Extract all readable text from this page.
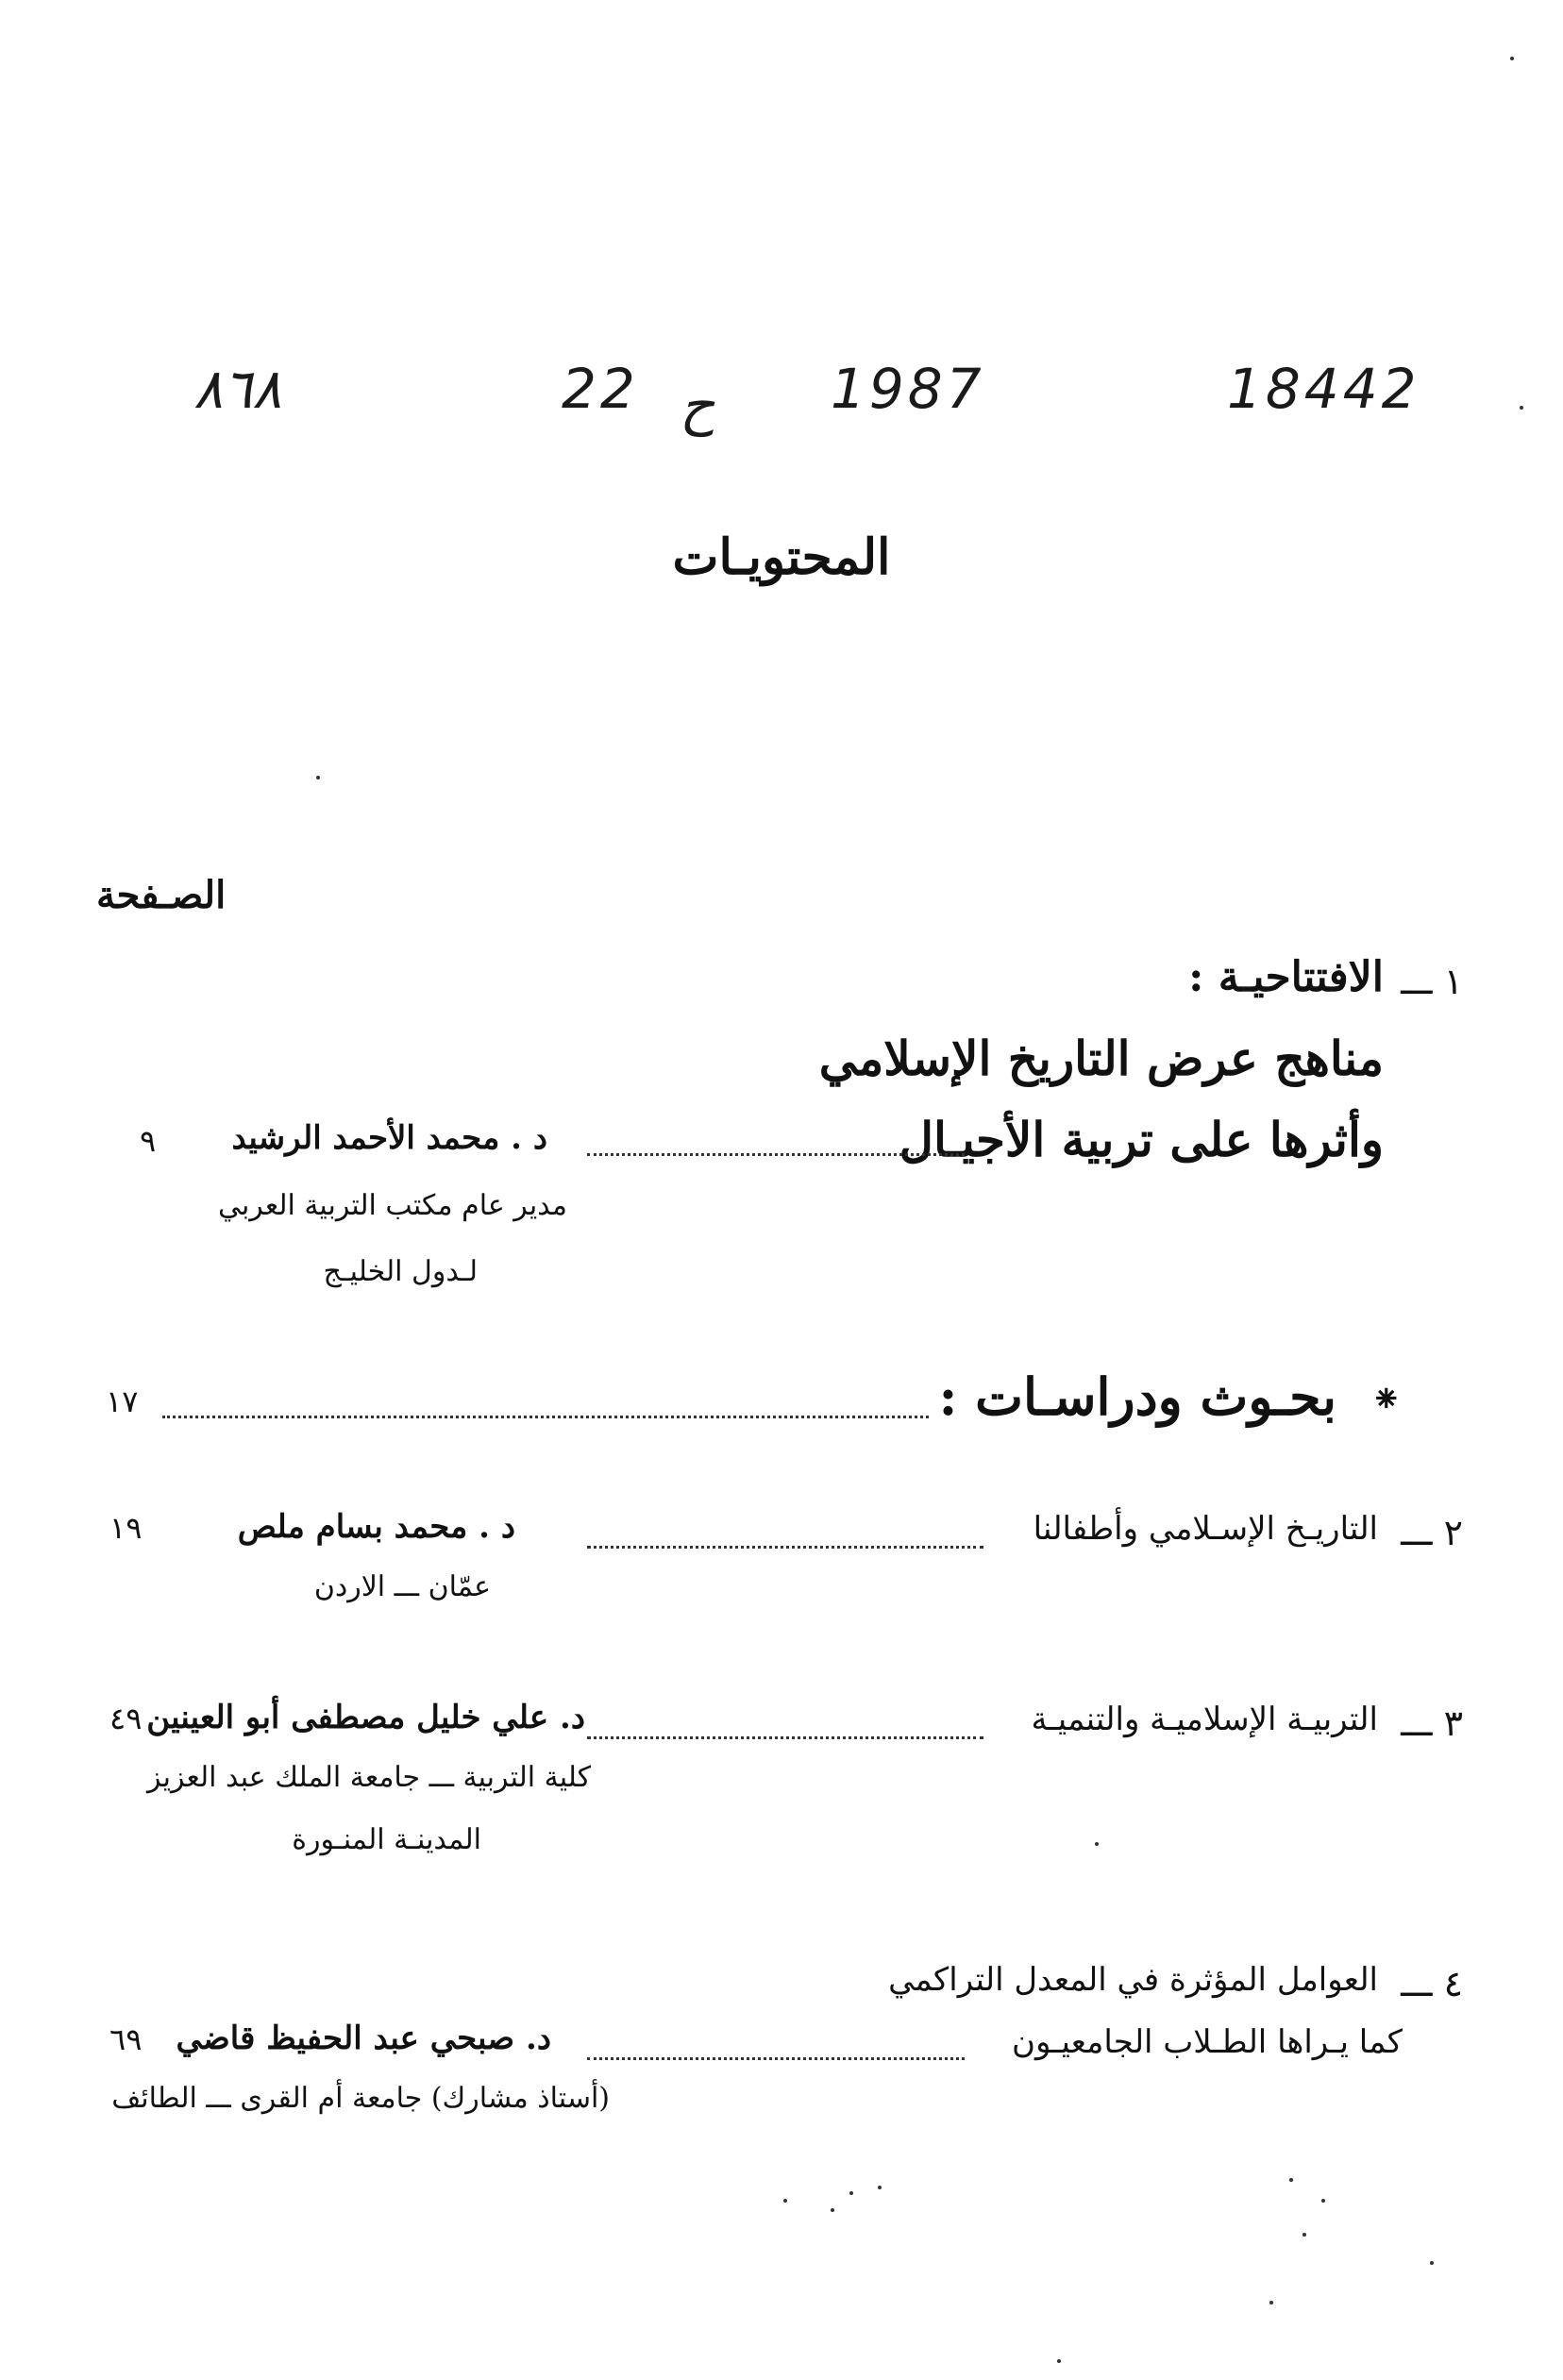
٨٦٨	22 ح 1987	18442
المحتويـات
الصـفحة
١ ـــ
الافتتاحيـة :
مناهج عرض التاريخ الإسلامي
وأثرها على تربية الأجيـال
د . محمد الأحمد الرشيد
مدير عام مكتب التربية العربي
لـدول الخليـج
٩
⁕
بحـوث ودراسـات :
١٧
٢ ـــ
التاريـخ الإسـلامي وأطفالنا
د . محمد بسام ملص
عمّان ـــ الاردن
١٩
٣ ـــ
التربيـة الإسلاميـة والتنميـة
د. علي خليل مصطفى أبو العينين
كلية التربية ـــ جامعة الملك عبد العزيز
المدينـة المنـورة
٤٩
٤ ـــ
العوامل المؤثرة في المعدل التراكمي
كما يـراها الطـلاب الجامعيـون
د. صبحي عبد الحفيظ قاضي
(أستاذ مشارك) جامعة أم القرى ـــ الطائف
٦٩
